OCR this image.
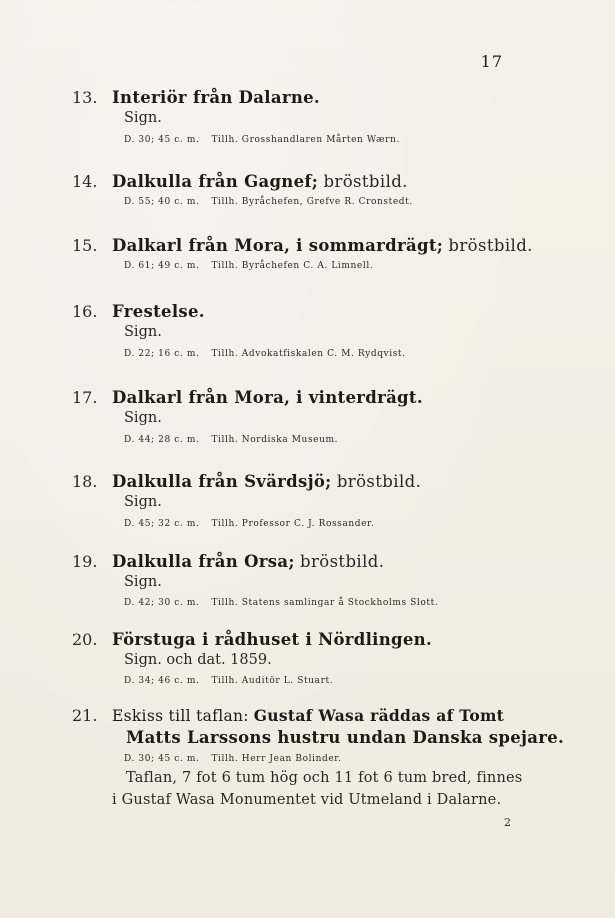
17
13. Interiör från Dalarne.
Sign.
D. 30; 45 c. m. Tillh. Grosshandlaren Mårten Wærn.
14. Dalkulla från Gagnef; bröstbild.
D. 55; 40 c. m. Tillh. Byråchefen, Grefve R. Cronstedt.
15. Dalkarl från Mora, i sommardrägt; bröstbild.
D. 61; 49 c. m. Tillh. Byråchefen C. A. Limnell.
16. Frestelse.
Sign.
D. 22; 16 c. m. Tillh. Advokatfiskalen C. M. Rydqvist.
17. Dalkarl från Mora, i vinterdrägt.
Sign.
D. 44; 28 c. m. Tillh. Nordiska Museum.
18. Dalkulla från Svärdsjö; bröstbild.
Sign.
D. 45; 32 c. m. Tillh. Professor C. J. Rossander.
19. Dalkulla från Orsa; bröstbild.
Sign.
D. 42; 30 c. m. Tillh. Statens samlingar å Stockholms Slott.
20. Förstuga i rådhuset i Nördlingen.
Sign. och dat. 1859.
D. 34; 46 c. m. Tillh. Auditör L. Stuart.
21. Eskiss till taflan: Gustaf Wasa räddas af Tomt
Matts Larssons hustru undan Danska spejare.
D. 30; 45 c. m. Tillh. Herr Jean Bolinder.
Taflan, 7 fot 6 tum hög och 11 fot 6 tum bred, finnes
i Gustaf Wasa Monumentet vid Utmeland i Dalarne.
2
